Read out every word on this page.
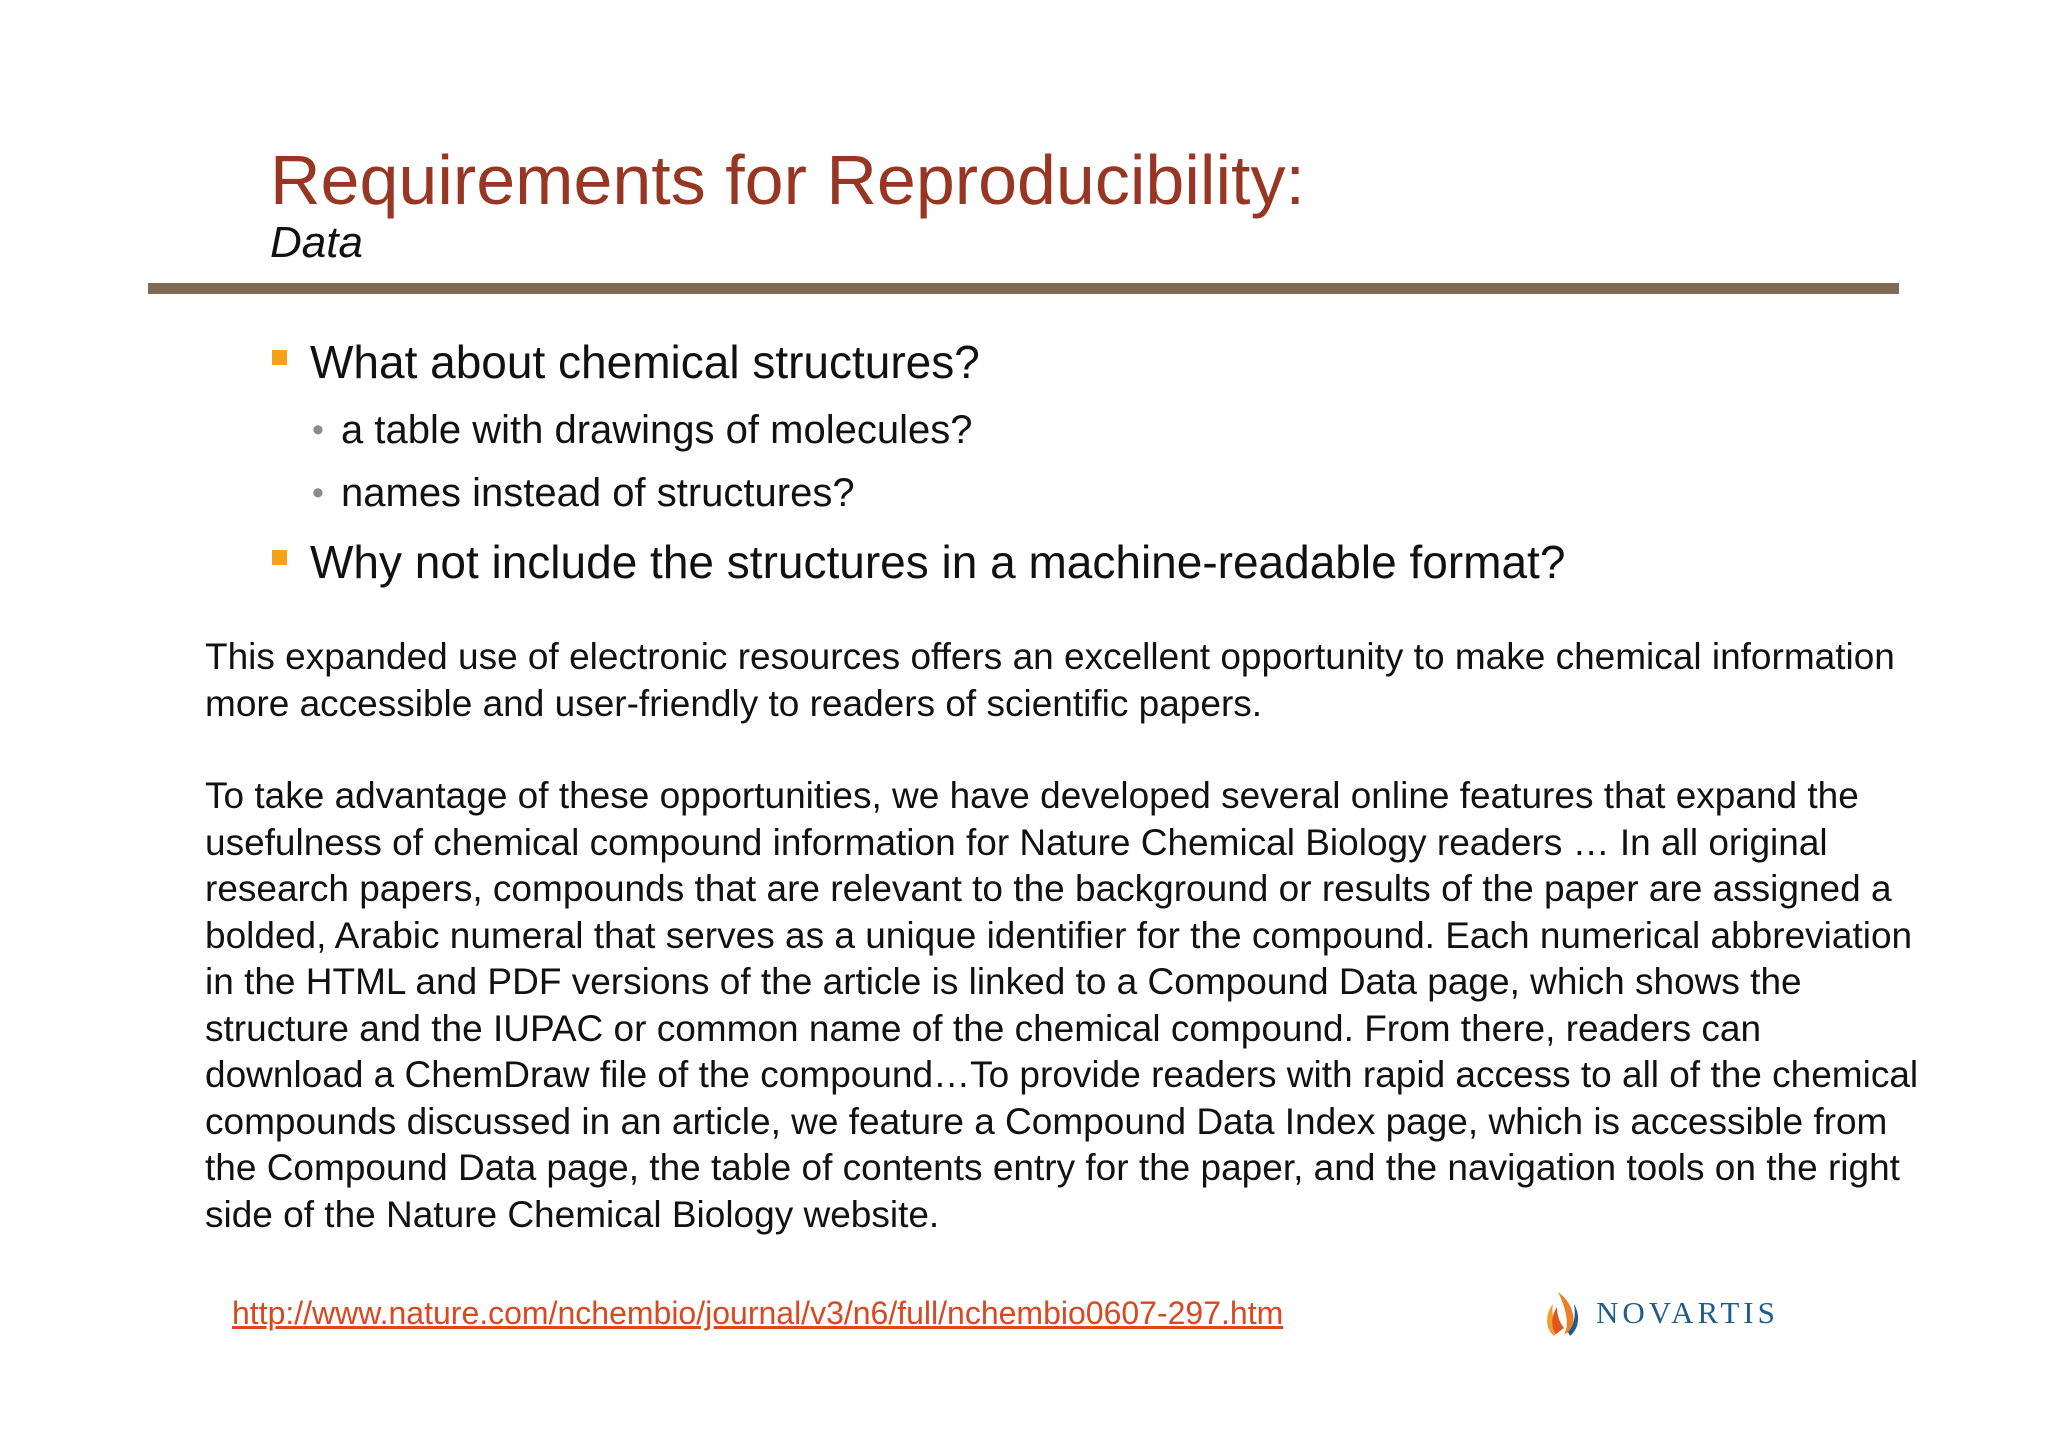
Requirements for Reproducibility:
Data
What about chemical structures?
• a table with drawings of molecules?
• names instead of structures?
Why not include the structures in a machine-readable format?

This expanded use of electronic resources offers an excellent opportunity to make chemical information more accessible and user-friendly to readers of scientific papers.

To take advantage of these opportunities, we have developed several online features that expand the usefulness of chemical compound information for Nature Chemical Biology readers … In all original research papers, compounds that are relevant to the background or results of the paper are assigned a bolded, Arabic numeral that serves as a unique identifier for the compound. Each numerical abbreviation in the HTML and PDF versions of the article is linked to a Compound Data page, which shows the structure and the IUPAC or common name of the chemical compound. From there, readers can download a ChemDraw file of the compound…To provide readers with rapid access to all of the chemical compounds discussed in an article, we feature a Compound Data Index page, which is accessible from the Compound Data page, the table of contents entry for the paper, and the navigation tools on the right side of the Nature Chemical Biology website.

http://www.nature.com/nchembio/journal/v3/n6/full/nchembio0607-297.htm	NOVARTIS
